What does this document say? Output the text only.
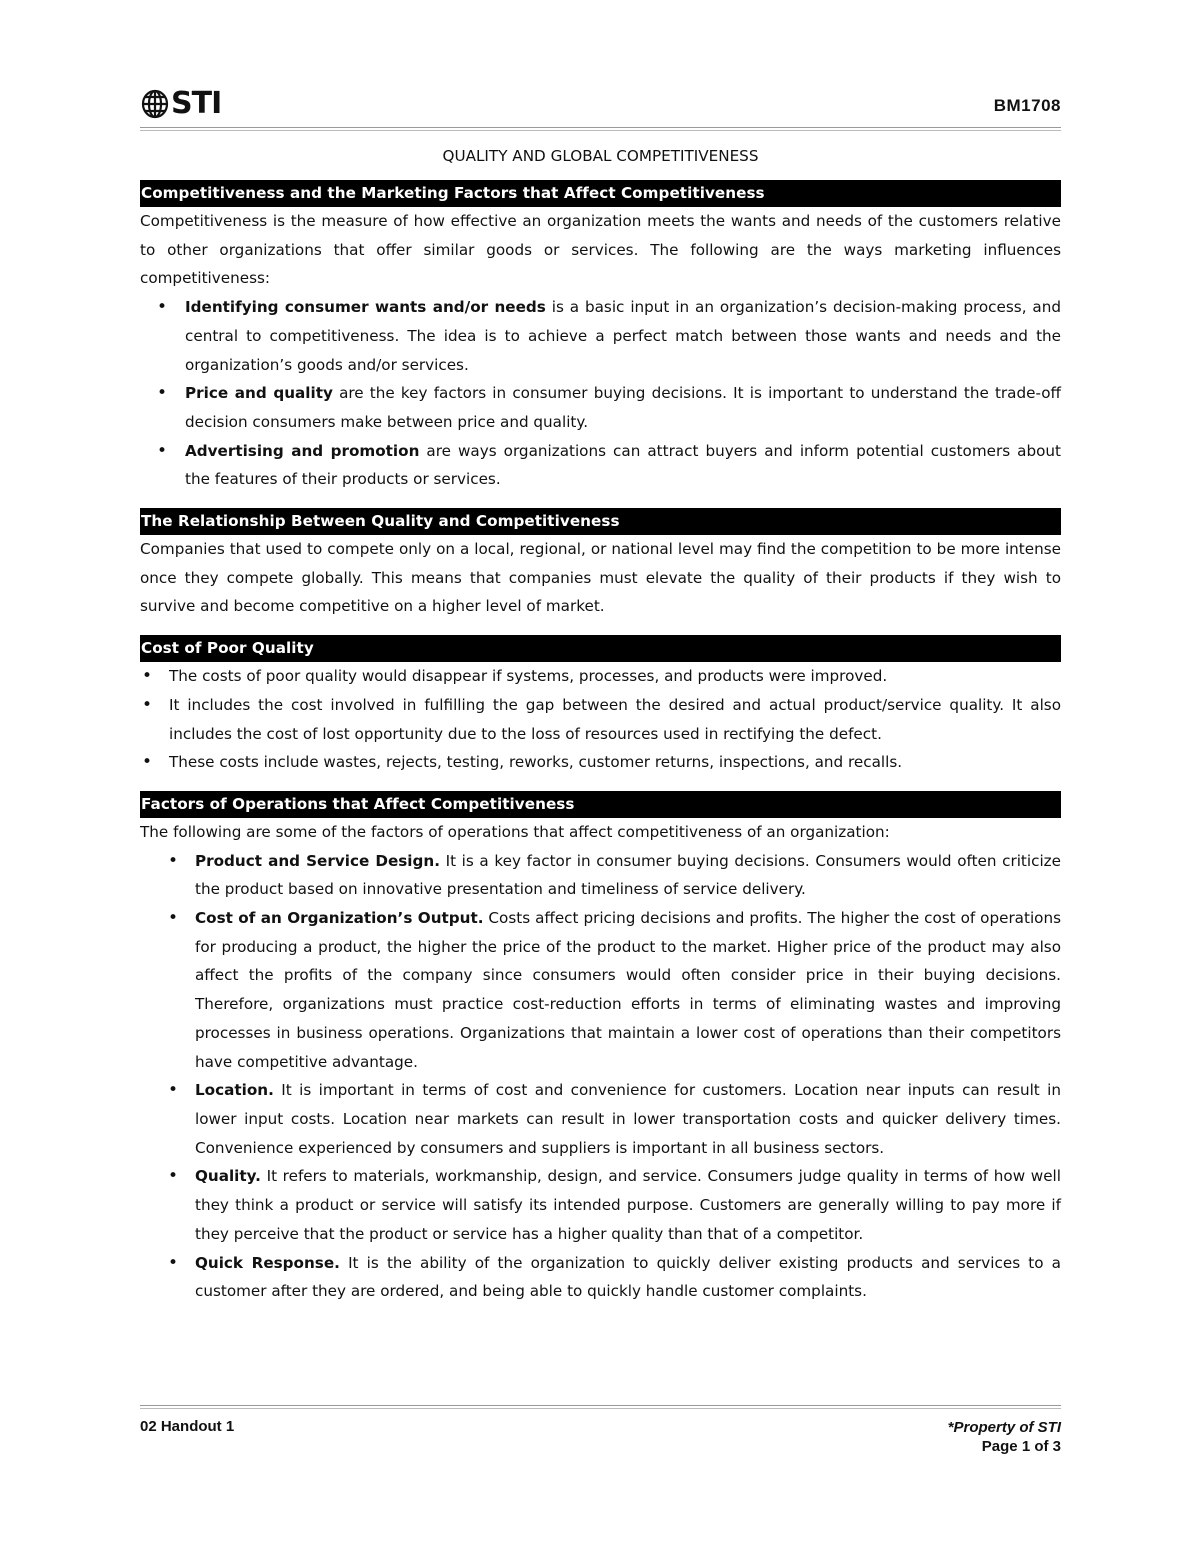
STI	BM1708
QUALITY AND GLOBAL COMPETITIVENESS
Competitiveness and the Marketing Factors that Affect Competitiveness

Competitiveness is the measure of how effective an organization meets the wants and needs of the customers relative to other organizations that offer similar goods or services. The following are the ways marketing influences competitiveness:

• Identifying consumer wants and/or needs is a basic input in an organization’s decision-making process, and central to competitiveness. The idea is to achieve a perfect match between those wants and needs and the organization’s goods and/or services.
• Price and quality are the key factors in consumer buying decisions. It is important to understand the trade-off decision consumers make between price and quality.
• Advertising and promotion are ways organizations can attract buyers and inform potential customers about the features of their products or services.
The Relationship Between Quality and Competitiveness

Companies that used to compete only on a local, regional, or national level may find the competition to be more intense once they compete globally. This means that companies must elevate the quality of their products if they wish to survive and become competitive on a higher level of market.

Cost of Poor Quality
• The costs of poor quality would disappear if systems, processes, and products were improved.
• It includes the cost involved in fulfilling the gap between the desired and actual product/service quality. It also includes the cost of lost opportunity due to the loss of resources used in rectifying the defect.
• These costs include wastes, rejects, testing, reworks, customer returns, inspections, and recalls.
Factors of Operations that Affect Competitiveness

The following are some of the factors of operations that affect competitiveness of an organization:

• Product and Service Design. It is a key factor in consumer buying decisions. Consumers would often criticize the product based on innovative presentation and timeliness of service delivery.
• Cost of an Organization’s Output. Costs affect pricing decisions and profits. The higher the cost of operations for producing a product, the higher the price of the product to the market. Higher price of the product may also affect the profits of the company since consumers would often consider price in their buying decisions. Therefore, organizations must practice cost-reduction efforts in terms of eliminating wastes and improving processes in business operations. Organizations that maintain a lower cost of operations than their competitors have competitive advantage.
• Location. It is important in terms of cost and convenience for customers. Location near inputs can result in lower input costs. Location near markets can result in lower transportation costs and quicker delivery times. Convenience experienced by consumers and suppliers is important in all business sectors.
• Quality. It refers to materials, workmanship, design, and service. Consumers judge quality in terms of how well they think a product or service will satisfy its intended purpose. Customers are generally willing to pay more if they perceive that the product or service has a higher quality than that of a competitor.
• Quick Response. It is the ability of the organization to quickly deliver existing products and services to a customer after they are ordered, and being able to quickly handle customer complaints.
02 Handout 1	*Property of STI
Page 1 of 3
